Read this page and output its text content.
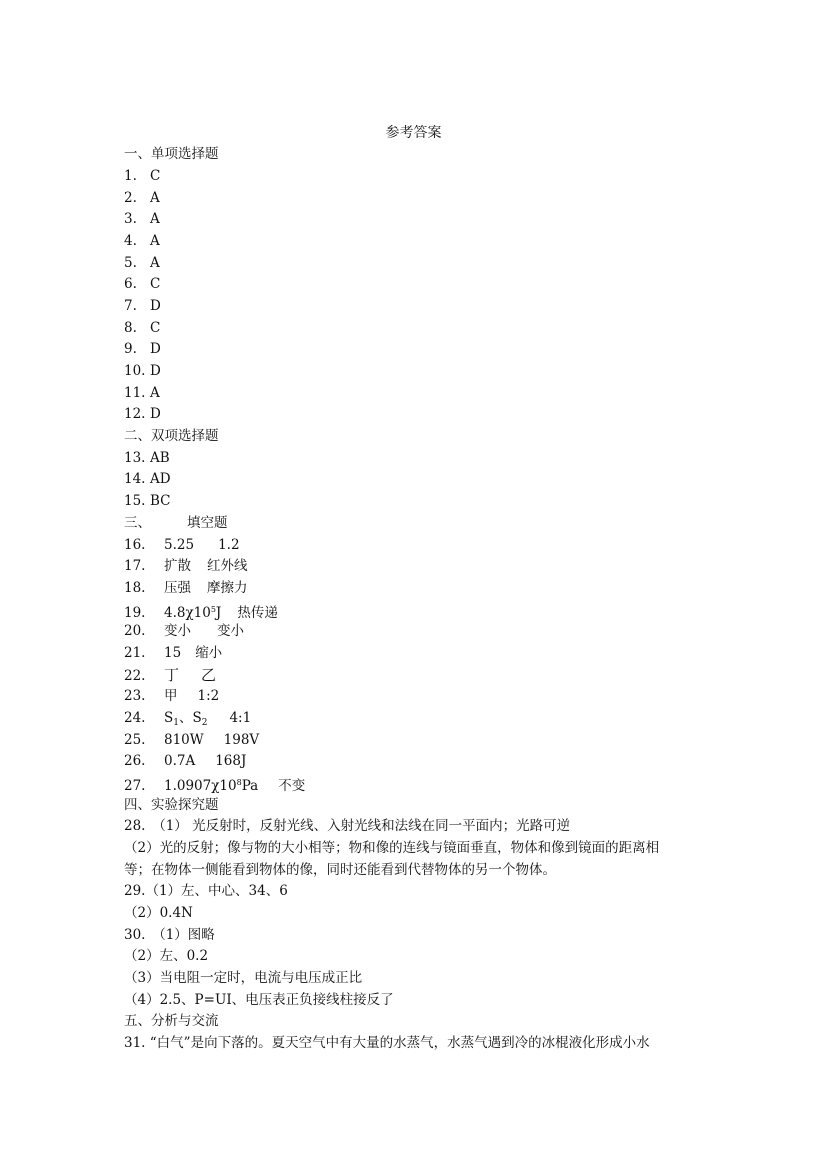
参考答案
一、单项选择题
1. C
2. A
3. A
4. A
5. A
6. C
7. D
8. C
9. D
10. D
11. A
12. D
二、双项选择题
13. AB
14. AD
15. BC
三、	填空题
16. 5.25 1.2
17. 扩散 红外线
18. 压强 摩擦力
19. $4.8\chi 10^5J$ 热传递
20. 变小 变小
21. 15 缩小
22. 丁 乙
23. 甲 1:2
24. $S_1$、$S_2$ 4:1
25. 810W 198V
26. 0.7A 168J
27. $1.0907\chi 10^8Pa$ 不变
四、实验探究题
28.　（1） 光反射时，反射光线、入射光线和法线在同一平面内；光路可逆
（2）光的反射；像与物的大小相等；物和像的连线与镜面垂直，物体和像到镜面的距离相
等；在物体一侧能看到物体的像，同时还能看到代替物体的另一个物体。
29.（1）左、中心、34、6
（2）0.4N
30.　（1）图略
（2）左、0.2
（3）当电阻一定时，电流与电压成正比
（4）2.5、P=UI、电压表正负接线柱接反了
五、分析与交流
31. “白气”是向下落的。夏天空气中有大量的水蒸气，水蒸气遇到冷的冰棍液化形成小水
